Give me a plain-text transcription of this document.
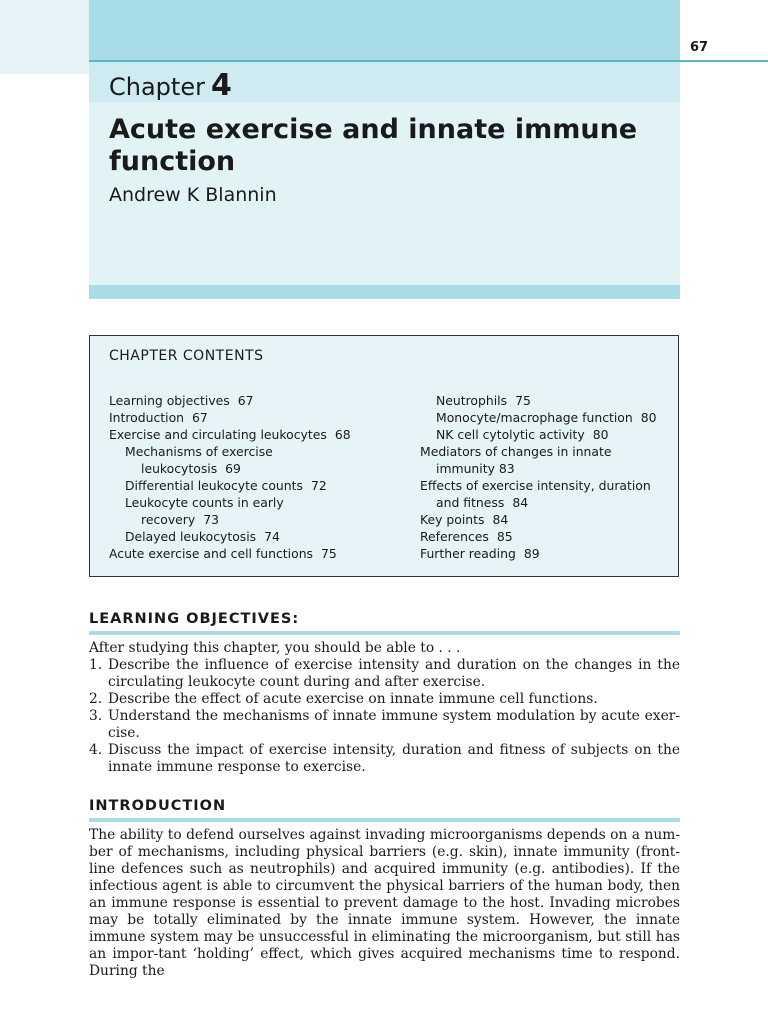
67
Chapter 4
Acute exercise and innate immune function
Andrew K Blannin
CHAPTER CONTENTS
Learning objectives 67
Introduction 67
Exercise and circulating leukocytes 68
Mechanisms of exercise
leukocytosis 69
Differential leukocyte counts 72
Leukocyte counts in early
recovery 73
Delayed leukocytosis 74
Acute exercise and cell functions 75
Neutrophils 75
Monocyte/macrophage function 80
NK cell cytolytic activity 80
Mediators of changes in innate
immunity 83
Effects of exercise intensity, duration
and fitness 84
Key points 84
References 85
Further reading 89
LEARNING OBJECTIVES:

After studying this chapter, you should be able to . . .

1. Describe the influence of exercise intensity and duration on the changes in the circulating leukocyte count during and after exercise.
2. Describe the effect of acute exercise on innate immune cell functions.
3. Understand the mechanisms of innate immune system modulation by acute exer-cise.
4. Discuss the impact of exercise intensity, duration and fitness of subjects on the innate immune response to exercise.
INTRODUCTION

The ability to defend ourselves against invading microorganisms depends on a num-ber of mechanisms, including physical barriers (e.g. skin), innate immunity (front-line defences such as neutrophils) and acquired immunity (e.g. antibodies). If the infectious agent is able to circumvent the physical barriers of the human body, then an immune response is essential to prevent damage to the host. Invading microbes may be totally eliminated by the innate immune system. However, the innate immune system may be unsuccessful in eliminating the microorganism, but still has an impor-tant ‘holding’ effect, which gives acquired mechanisms time to respond. During the
